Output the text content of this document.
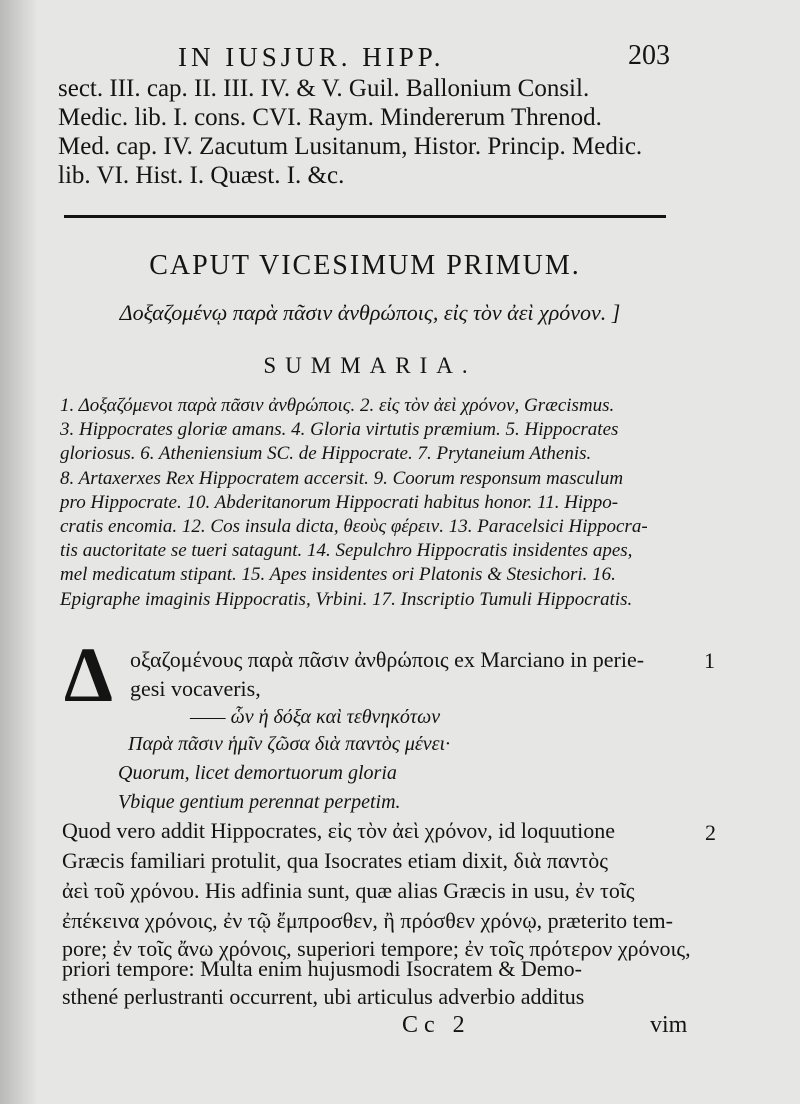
IN IUSJUR. HIPP.	203
sect. III. cap. II. III. IV. & V. Guil. Ballonium Consil.
Medic. lib. I. cons. CVI. Raym. Mindererum Threnod.
Med. cap. IV. Zacutum Lusitanum, Histor. Princip. Medic.
lib. VI. Hist. I. Quæst. I. &c.
CAPUT VICESIMUM PRIMUM.
Δοξαζομένῳ παρὰ πᾶσιν ἀνθρώποις, εἰς τὸν ἀεὶ χρόνον. ]
SUMMARIA.
1. Δοξαζόμενοι παρὰ πᾶσιν ἀνθρώποις. 2. εἰς τὸν ἀεὶ χρόνον, Græcismus.
3. Hippocrates gloriæ amans. 4. Gloria virtutis præmium. 5. Hippocrates
gloriosus. 6. Atheniensium SC. de Hippocrate. 7. Prytaneium Athenis.
8. Artaxerxes Rex Hippocratem accersit. 9. Coorum responsum masculum
pro Hippocrate. 10. Abderitanorum Hippocrati habitus honor. 11. Hippo-
cratis encomia. 12. Cos insula dicta, θεοὺς φέρειν. 13. Paracelsici Hippocra-
tis auctoritate se tueri satagunt. 14. Sepulchro Hippocratis insidentes apes,
mel medicatum stipant. 15. Apes insidentes ori Platonis & Stesichori. 16.
Epigraphe imaginis Hippocratis, Vrbini. 17. Inscriptio Tumuli Hippocratis.
Δ οξαζομένους παρὰ πᾶσιν ἀνθρώποις ex Marciano in perie-
gesi vocaveris,
1
—— ὧν ἡ δόξα καὶ τεθνηκότων
Παρὰ πᾶσιν ἡμῖν ζῶσα διὰ παντὸς μένει·
Quorum, licet demortuorum gloria
Vbique gentium perennat perpetim.
2
Quod vero addit Hippocrates, εἰς τὸν ἀεὶ χρόνον, id loquutione
Græcis familiari protulit, qua Isocrates etiam dixit, διὰ παντὸς
ἀεὶ τοῦ χρόνου. His adfinia sunt, quæ alias Græcis in usu, ἐν τοῖς
ἐπέκεινα χρόνοις, ἐν τῷ ἔμπροσθεν, ἢ πρόσθεν χρόνῳ, præterito tem-
pore; ἐν τοῖς ἄνω χρόνοις, superiori tempore; ἐν τοῖς πρότερον χρόνοις,
priori tempore: Multa enim hujusmodi Isocratem & Demo-
sthené perlustranti occurrent, ubi articulus adverbio additus
Cc 2	vim
